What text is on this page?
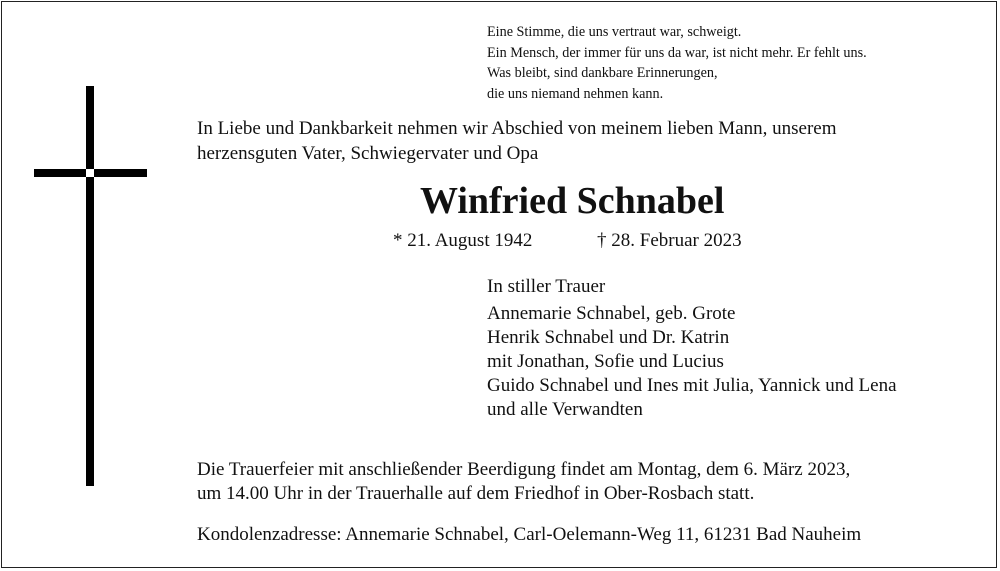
Eine Stimme, die uns vertraut war, schweigt.
Ein Mensch, der immer für uns da war, ist nicht mehr. Er fehlt uns.
Was bleibt, sind dankbare Erinnerungen,
die uns niemand nehmen kann.
In Liebe und Dankbarkeit nehmen wir Abschied von meinem lieben Mann, unserem
herzensguten Vater, Schwiegervater und Opa
Winfried Schnabel
* 21. August 1942	† 28. Februar 2023
In stiller Trauer
Annemarie Schnabel, geb. Grote
Henrik Schnabel und Dr. Katrin
mit Jonathan, Sofie und Lucius
Guido Schnabel und Ines mit Julia, Yannick und Lena
und alle Verwandten
Die Trauerfeier mit anschließender Beerdigung findet am Montag, dem 6. März 2023,
um 14.00 Uhr in der Trauerhalle auf dem Friedhof in Ober-Rosbach statt.
Kondolenzadresse: Annemarie Schnabel, Carl-Oelemann-Weg 11, 61231 Bad Nauheim
